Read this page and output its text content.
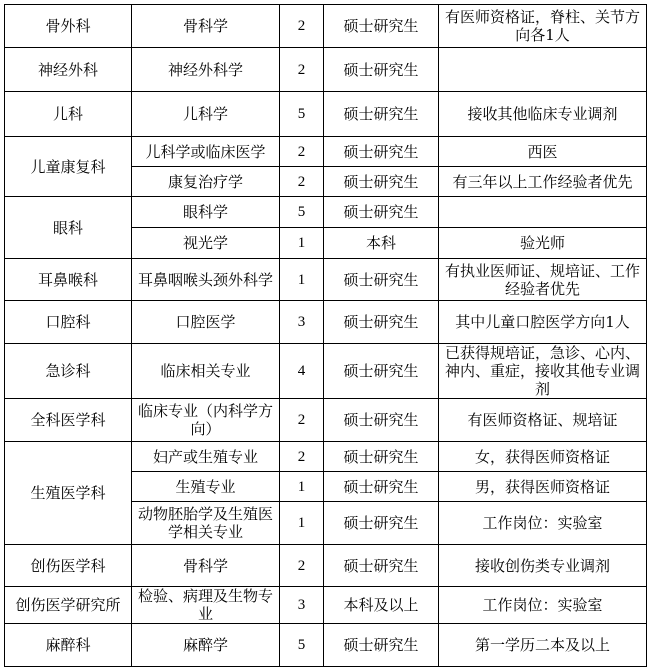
骨外科	骨科学	2	硕士研究生	有医师资格证，脊柱、关节方向各1人
神经外科	神经外科学	2	硕士研究生	
儿科	儿科学	5	硕士研究生	接收其他临床专业调剂
儿童康复科	儿科学或临床医学	2	硕士研究生	西医
	康复治疗学	2	硕士研究生	有三年以上工作经验者优先
眼科	眼科学	5	硕士研究生	
	视光学	1	本科	验光师
耳鼻喉科	耳鼻咽喉头颈外科学	1	硕士研究生	有执业医师证、规培证、工作经验者优先
口腔科	口腔医学	3	硕士研究生	其中儿童口腔医学方向1人
急诊科	临床相关专业	4	硕士研究生	已获得规培证，急诊、心内、神内、重症，接收其他专业调剂
全科医学科	临床专业（内科学方向）	2	硕士研究生	有医师资格证、规培证
生殖医学科	妇产或生殖专业	2	硕士研究生	女，获得医师资格证
	生殖专业	1	硕士研究生	男，获得医师资格证
	动物胚胎学及生殖医学相关专业	1	硕士研究生	工作岗位：实验室
创伤医学科	骨科学	2	硕士研究生	接收创伤类专业调剂
创伤医学研究所	检验、病理及生物专业	3	本科及以上	工作岗位：实验室
麻醉科	麻醉学	5	硕士研究生	第一学历二本及以上
